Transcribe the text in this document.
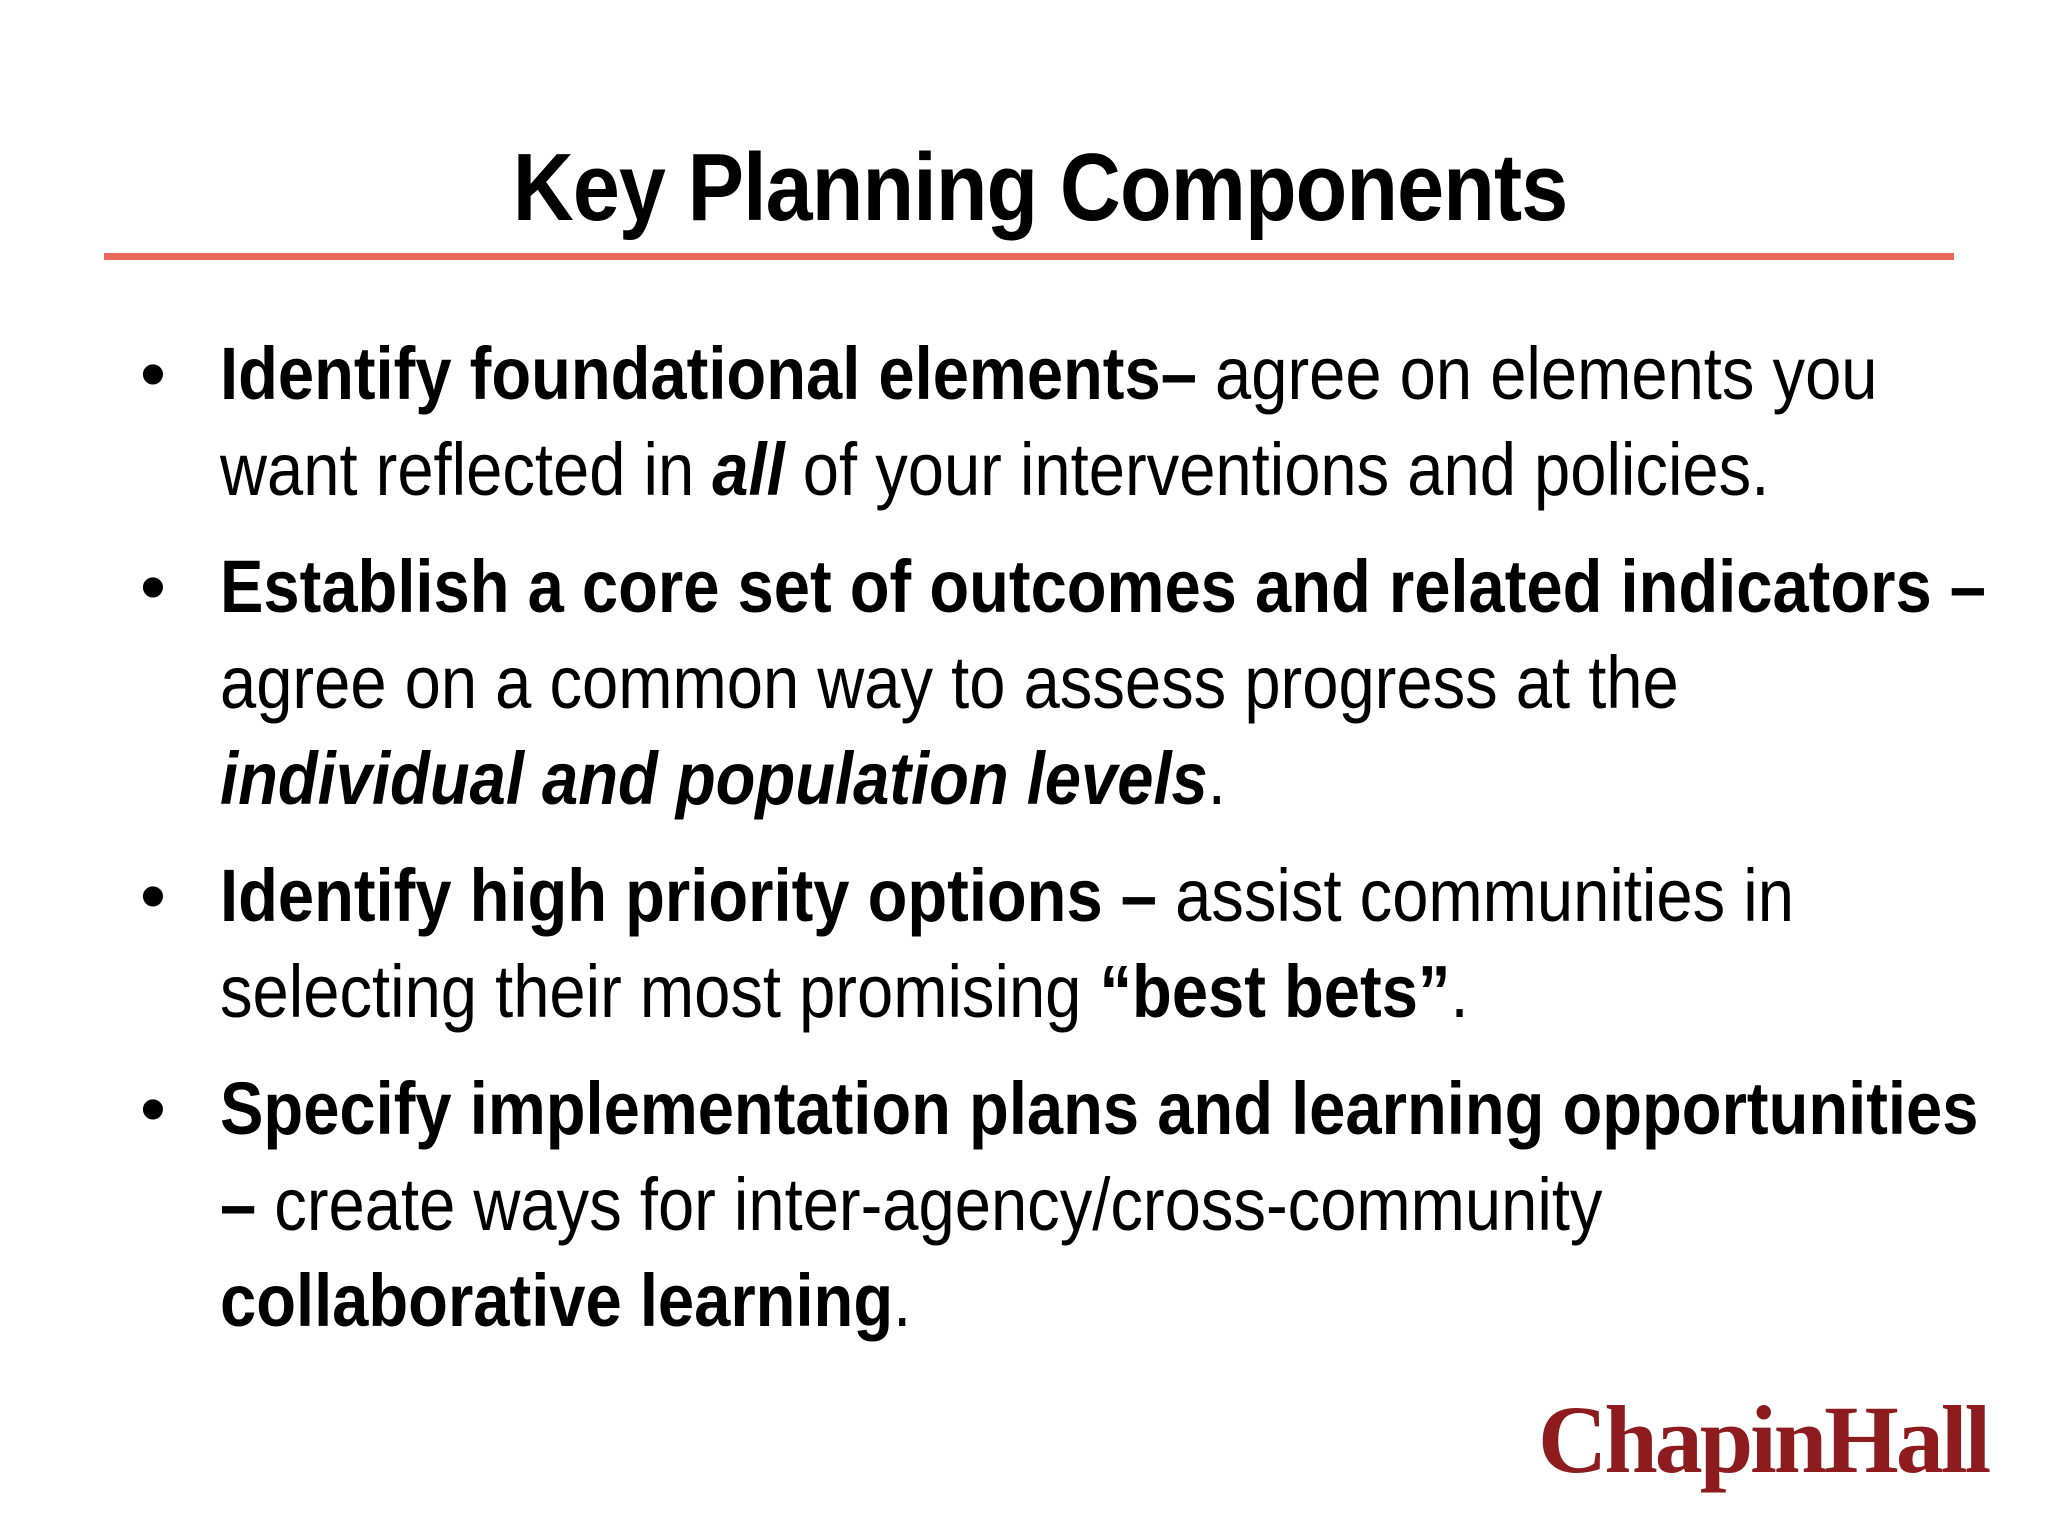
Key Planning Components
• Identify foundational elements– agree on elements you want reflected in all of your interventions and policies.
• Establish a core set of outcomes and related indicators – agree on a common way to assess progress at the individual and population levels.
• Identify high priority options – assist communities in selecting their most promising “best bets”.
• Specify implementation plans and learning opportunities – create ways for inter-agency/cross-community collaborative learning.
ChapinHall
